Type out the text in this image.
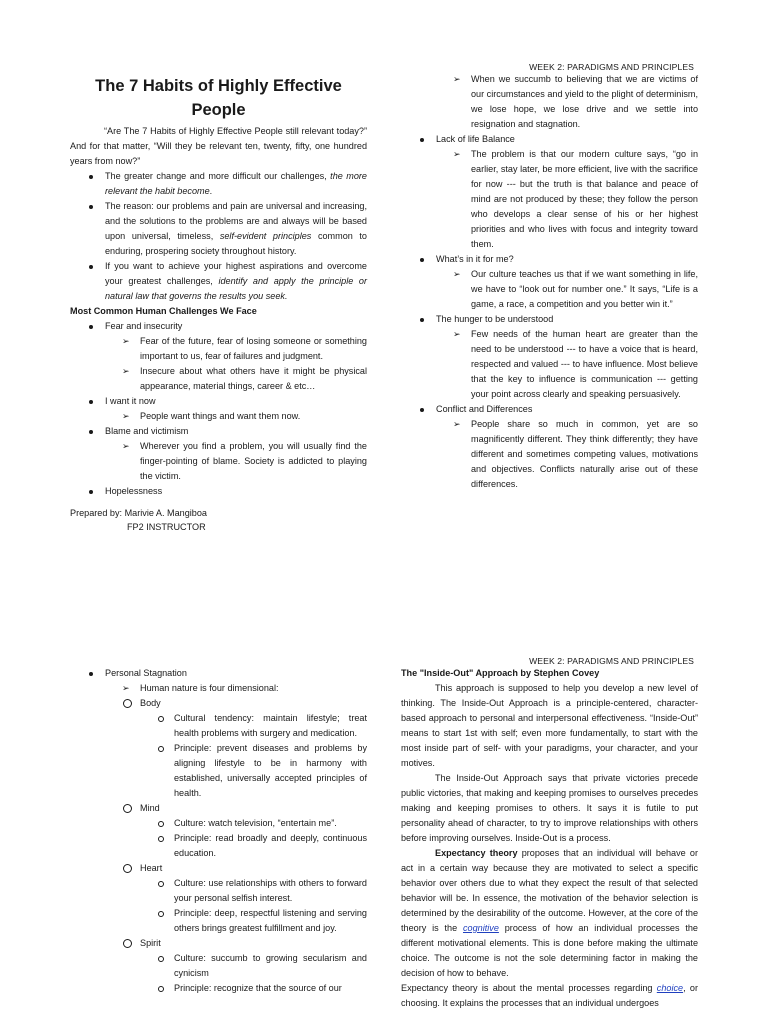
WEEK 2: PARADIGMS AND PRINCIPLES
The 7 Habits of Highly Effective People
“Are The 7 Habits of Highly Effective People still relevant today?” And for that matter, “Will they be relevant ten, twenty, fifty, one hundred years from now?”
The greater change and more difficult our challenges, the more relevant the habit become.
The reason: our problems and pain are universal and increasing, and the solutions to the problems are and always will be based upon universal, timeless, self-evident principles common to enduring, prospering society throughout history.
If you want to achieve your highest aspirations and overcome your greatest challenges, identify and apply the principle or natural law that governs the results you seek.
Most Common Human Challenges We Face
Fear and insecurity
➢ Fear of the future, fear of losing someone or something important to us, fear of failures and judgment.
➢ Insecure about what others have it might be physical appearance, material things, career & etc…
I want it now
➢ People want things and want them now.
Blame and victimism
➢ Wherever you find a problem, you will usually find the finger-pointing of blame. Society is addicted to playing the victim.
Hopelessness
Prepared by: Marivie A. Mangiboa
FP2 INSTRUCTOR
➢ When we succumb to believing that we are victims of our circumstances and yield to the plight of determinism, we lose hope, we lose drive and we settle into resignation and stagnation.
Lack of life Balance
➢ The problem is that our modern culture says, “go in earlier, stay later, be more efficient, live with the sacrifice for now --- but the truth is that balance and peace of mind are not produced by these; they follow the person who develops a clear sense of his or her highest priorities and who lives with focus and integrity toward them.
What’s in it for me?
➢ Our culture teaches us that if we want something in life, we have to “look out for number one.” It says, “Life is a game, a race, a competition and you better win it.”
The hunger to be understood
➢ Few needs of the human heart are greater than the need to be understood --- to have a voice that is heard, respected and valued --- to have influence. Most believe that the key to influence is communication --- getting your point across clearly and speaking persuasively.
Conflict and Differences
➢ People share so much in common, yet are so magnificently different. They think differently; they have different and sometimes competing values, motivations and objectives. Conflicts naturally arise out of these differences.
WEEK 2: PARADIGMS AND PRINCIPLES
Personal Stagnation
➢ Human nature is four dimensional:
Body
Cultural tendency: maintain lifestyle; treat health problems with surgery and medication.
Principle: prevent diseases and problems by aligning lifestyle to be in harmony with established, universally accepted principles of health.
Mind
Culture: watch television, “entertain me”.
Principle: read broadly and deeply, continuous education.
Heart
Culture: use relationships with others to forward your personal selfish interest.
Principle: deep, respectful listening and serving others brings greatest fulfillment and joy.
Spirit
Culture: succumb to growing secularism and cynicism
Principle: recognize that the source of our
The "Inside-Out" Approach by Stephen Covey
This approach is supposed to help you develop a new level of thinking. The Inside-Out Approach is a principle-centered, character-based approach to personal and interpersonal effectiveness. “Inside-Out” means to start 1st with self; even more fundamentally, to start with the most inside part of self- with your paradigms, your character, and your motives.
The Inside-Out Approach says that private victories precede public victories, that making and keeping promises to ourselves precedes making and keeping promises to others. It says it is futile to put personality ahead of character, to try to improve relationships with others before improving ourselves. Inside-Out is a process.
Expectancy theory proposes that an individual will behave or act in a certain way because they are motivated to select a specific behavior over others due to what they expect the result of that selected behavior will be. In essence, the motivation of the behavior selection is determined by the desirability of the outcome. However, at the core of the theory is the cognitive process of how an individual processes the different motivational elements. This is done before making the ultimate choice. The outcome is not the sole determining factor in making the decision of how to behave.
Expectancy theory is about the mental processes regarding choice, or choosing. It explains the processes that an individual undergoes
